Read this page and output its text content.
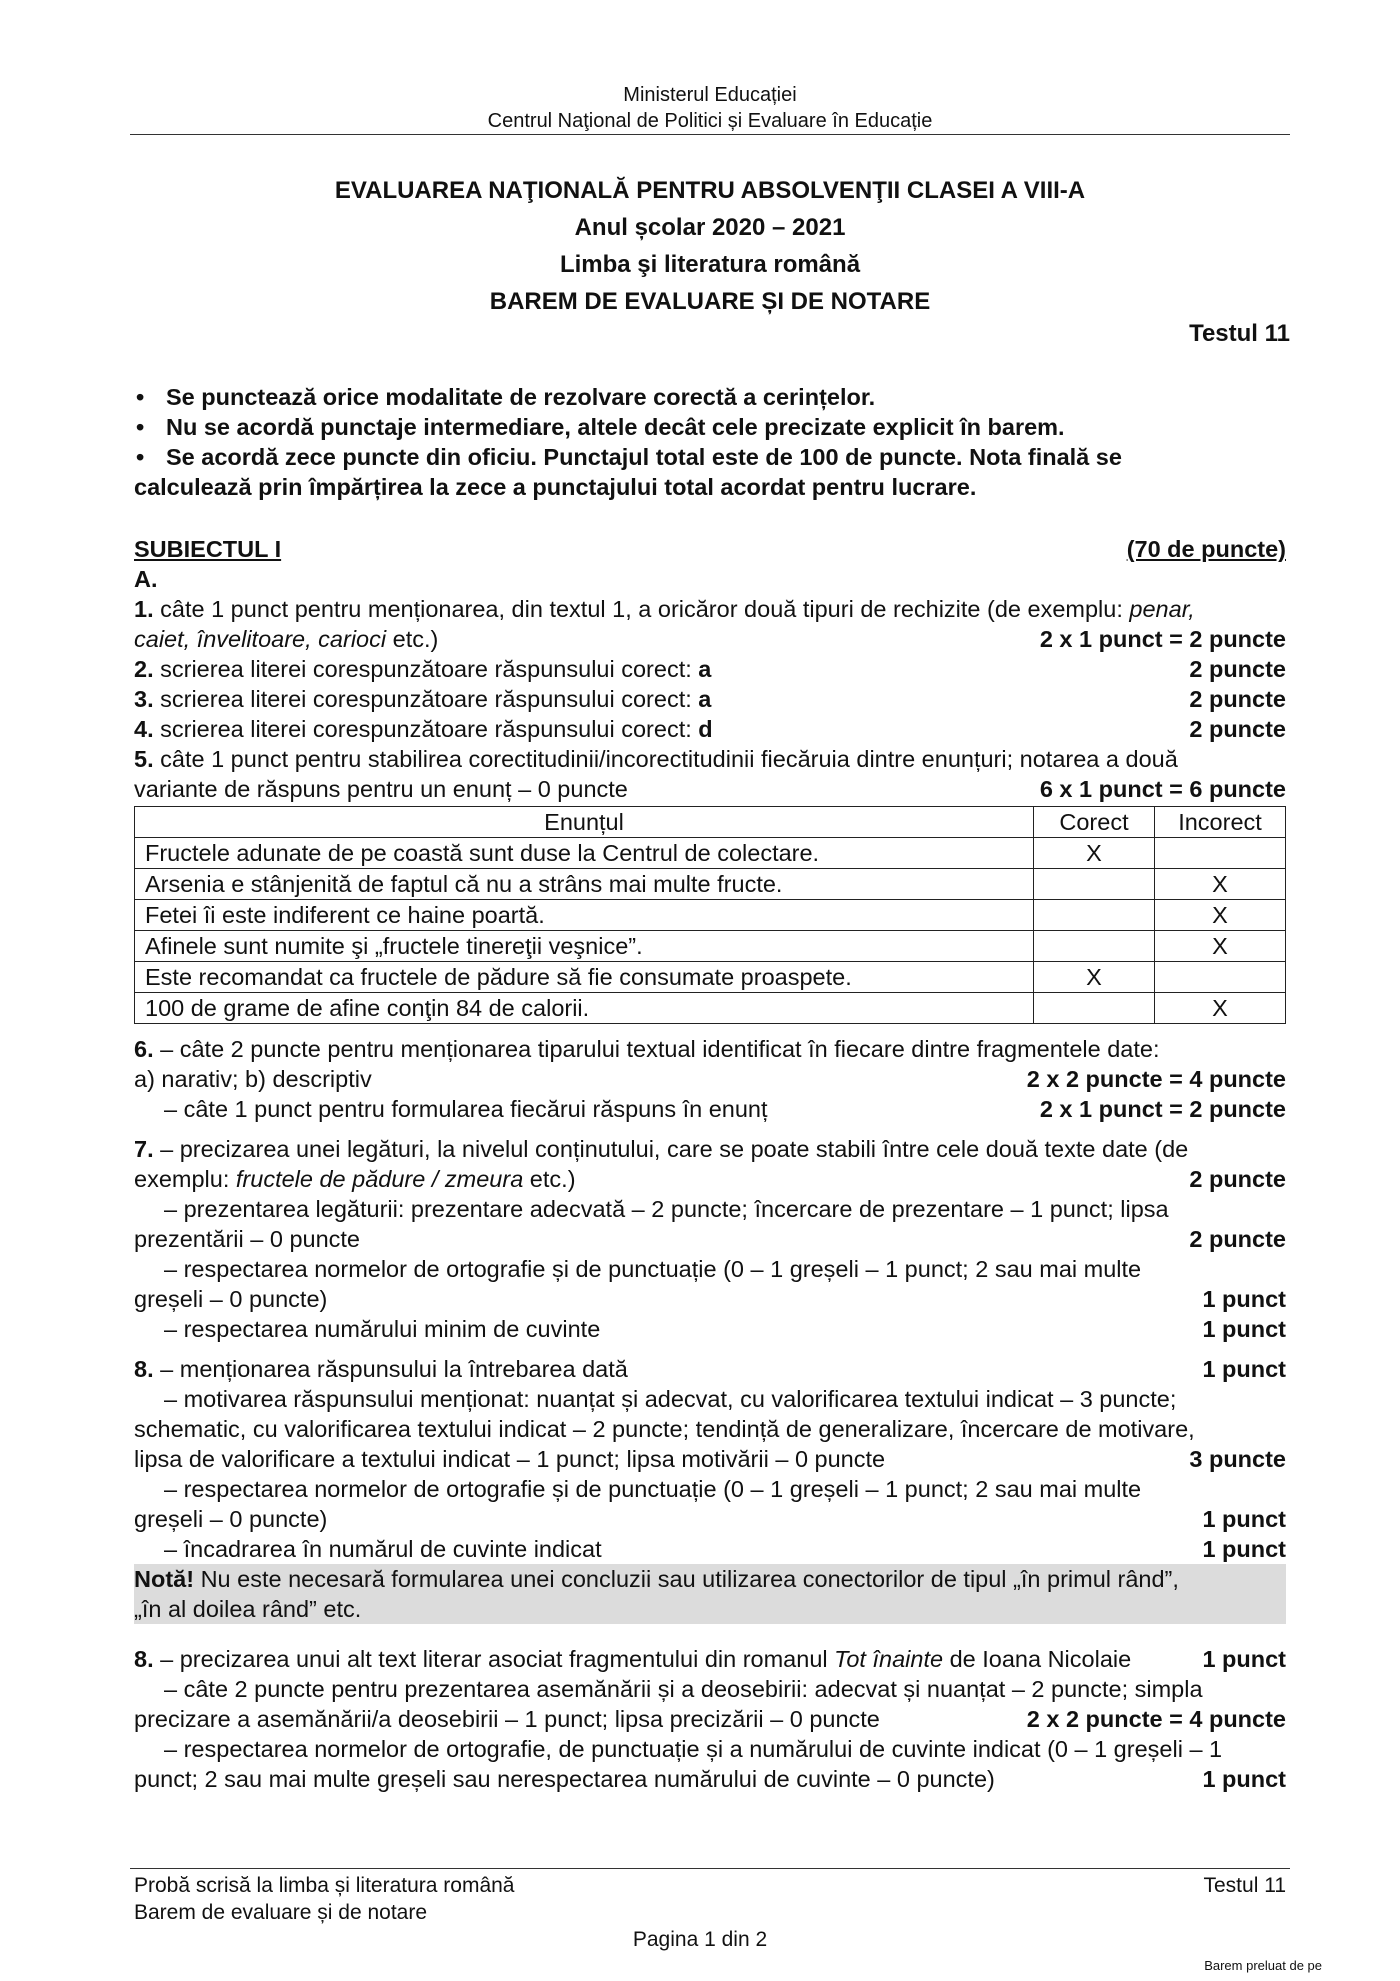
Ministerul Educației
Centrul Naţional de Politici și Evaluare în Educație
EVALUAREA NAŢIONALĂ PENTRU ABSOLVENŢII CLASEI A VIII-A
Anul școlar 2020 – 2021
Limba şi literatura română
BAREM DE EVALUARE ȘI DE NOTARE
Testul 11
• Se punctează orice modalitate de rezolvare corectă a cerințelor.
• Nu se acordă punctaje intermediare, altele decât cele precizate explicit în barem.
• Se acordă zece puncte din oficiu. Punctajul total este de 100 de puncte. Nota finală se
calculează prin împărțirea la zece a punctajului total acordat pentru lucrare.
SUBIECTUL I	(70 de puncte)
A.
1. câte 1 punct pentru menționarea, din textul 1, a oricăror două tipuri de rechizite (de exemplu: penar,
caiet, învelitoare, carioci etc.)	2 x 1 punct = 2 puncte
2. scrierea literei corespunzătoare răspunsului corect: a	2 puncte
3. scrierea literei corespunzătoare răspunsului corect: a	2 puncte
4. scrierea literei corespunzătoare răspunsului corect: d	2 puncte
5. câte 1 punct pentru stabilirea corectitudinii/incorectitudinii fiecăruia dintre enunțuri; notarea a două
variante de răspuns pentru un enunț – 0 puncte	6 x 1 punct = 6 puncte
Enunțul	Corect	Incorect
Fructele adunate de pe coastă sunt duse la Centrul de colectare.	X	
Arsenia e stânjenită de faptul că nu a strâns mai multe fructe.		X
Fetei îi este indiferent ce haine poartă.		X
Afinele sunt numite şi „fructele tinereţii veşnice”.		X
Este recomandat ca fructele de pădure să fie consumate proaspete.	X	
100 de grame de afine conţin 84 de calorii.		X
6. – câte 2 puncte pentru menționarea tiparului textual identificat în fiecare dintre fragmentele date:
a) narativ; b) descriptiv	2 x 2 puncte = 4 puncte
– câte 1 punct pentru formularea fiecărui răspuns în enunț	2 x 1 punct = 2 puncte
7. – precizarea unei legături, la nivelul conținutului, care se poate stabili între cele două texte date (de
exemplu: fructele de pădure / zmeura etc.)	2 puncte
– prezentarea legăturii: prezentare adecvată – 2 puncte; încercare de prezentare – 1 punct; lipsa
prezentării – 0 puncte	2 puncte
– respectarea normelor de ortografie și de punctuație (0 – 1 greșeli – 1 punct; 2 sau mai multe
greșeli – 0 puncte)	1 punct
– respectarea numărului minim de cuvinte	1 punct
8. – menționarea răspunsului la întrebarea dată	1 punct
– motivarea răspunsului menționat: nuanțat și adecvat, cu valorificarea textului indicat – 3 puncte;
schematic, cu valorificarea textului indicat – 2 puncte; tendință de generalizare, încercare de motivare,
lipsa de valorificare a textului indicat – 1 punct; lipsa motivării – 0 puncte	3 puncte
– respectarea normelor de ortografie și de punctuație (0 – 1 greșeli – 1 punct; 2 sau mai multe
greșeli – 0 puncte)	1 punct
– încadrarea în numărul de cuvinte indicat	1 punct
Notă! Nu este necesară formularea unei concluzii sau utilizarea conectorilor de tipul „în primul rând”,
„în al doilea rând” etc.
8. – precizarea unui alt text literar asociat fragmentului din romanul Tot înainte de Ioana Nicolaie	1 punct
– câte 2 puncte pentru prezentarea asemănării și a deosebirii: adecvat și nuanțat – 2 puncte; simpla
precizare a asemănării/a deosebirii – 1 punct; lipsa precizării – 0 puncte	2 x 2 puncte = 4 puncte
– respectarea normelor de ortografie, de punctuație și a numărului de cuvinte indicat (0 – 1 greșeli – 1
punct; 2 sau mai multe greșeli sau nerespectarea numărului de cuvinte – 0 puncte)	1 punct
Probă scrisă la limba și literatura română	Testul 11
Barem de evaluare și de notare
Pagina 1 din 2
Barem preluat de pe
